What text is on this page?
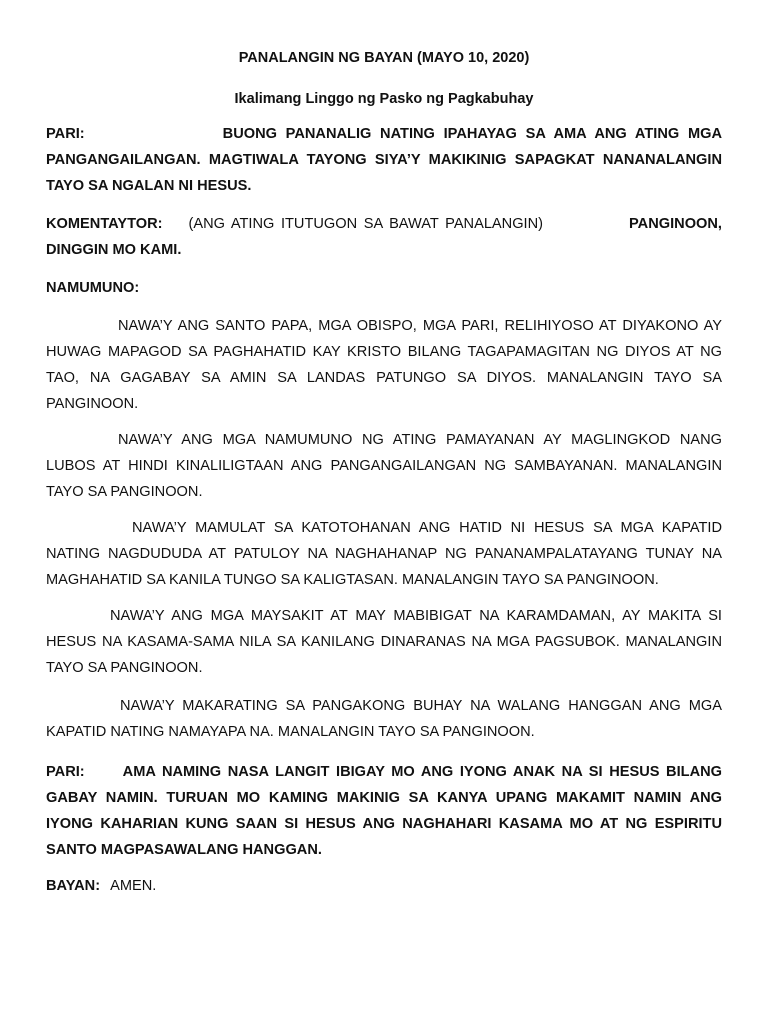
PANALANGIN NG BAYAN (MAYO 10, 2020)
Ikalimang Linggo ng Pasko ng Pagkabuhay
PARI:	BUONG PANANALIG NATING IPAHAYAG SA AMA ANG ATING MGA PANGANGAILANGAN. MAGTIWALA TAYONG SIYA’Y MAKIKINIG SAPAGKAT NANANALANGIN TAYO SA NGALAN NI HESUS.
KOMENTAYTOR: (ANG ATING ITUTUGON SA BAWAT PANALANGIN)	PANGINOON, DINGGIN MO KAMI.
NAMUMUNO:
NAWA’Y ANG SANTO PAPA, MGA OBISPO, MGA PARI, RELIHIYOSO AT DIYAKONO AY HUWAG MAPAGOD SA PAGHAHATID KAY KRISTO BILANG TAGAPAMAGITAN NG DIYOS AT NG TAO, NA GAGABAY SA AMIN SA LANDAS PATUNGO SA DIYOS. MANALANGIN TAYO SA PANGINOON.
NAWA’Y ANG MGA NAMUMUNO NG ATING PAMAYANAN AY MAGLINGKOD NANG LUBOS AT HINDI KINALILIGTAAN ANG PANGANGAILANGAN NG SAMBAYANAN. MANALANGIN TAYO SA PANGINOON.
NAWA’Y MAMULAT SA KATOTOHANAN ANG HATID NI HESUS SA MGA KAPATID NATING NAGDUDUDA AT PATULOY NA NAGHAHANAP NG PANANAMPALATAYANG TUNAY NA MAGHAHATID SA KANILA TUNGO SA KALIGTASAN. MANALANGIN TAYO SA PANGINOON.
NAWA’Y ANG MGA MAYSAKIT AT MAY MABIBIGAT NA KARAMDAMAN, AY MAKITA SI HESUS NA KASAMA-SAMA NILA SA KANILANG DINARANAS NA MGA PAGSUBOK. MANALANGIN TAYO SA PANGINOON.
NAWA’Y MAKARATING SA PANGAKONG BUHAY NA WALANG HANGGAN ANG MGA KAPATID NATING NAMAYAPA NA. MANALANGIN TAYO SA PANGINOON.
PARI:	AMA NAMING NASA LANGIT IBIGAY MO ANG IYONG ANAK NA SI HESUS BILANG GABAY NAMIN. TURUAN MO KAMING MAKINIG SA KANYA UPANG MAKAMIT NAMIN ANG IYONG KAHARIAN KUNG SAAN SI HESUS ANG NAGHAHARI KASAMA MO AT NG ESPIRITU SANTO MAGPASAWALANG HANGGAN.
BAYAN: AMEN.
